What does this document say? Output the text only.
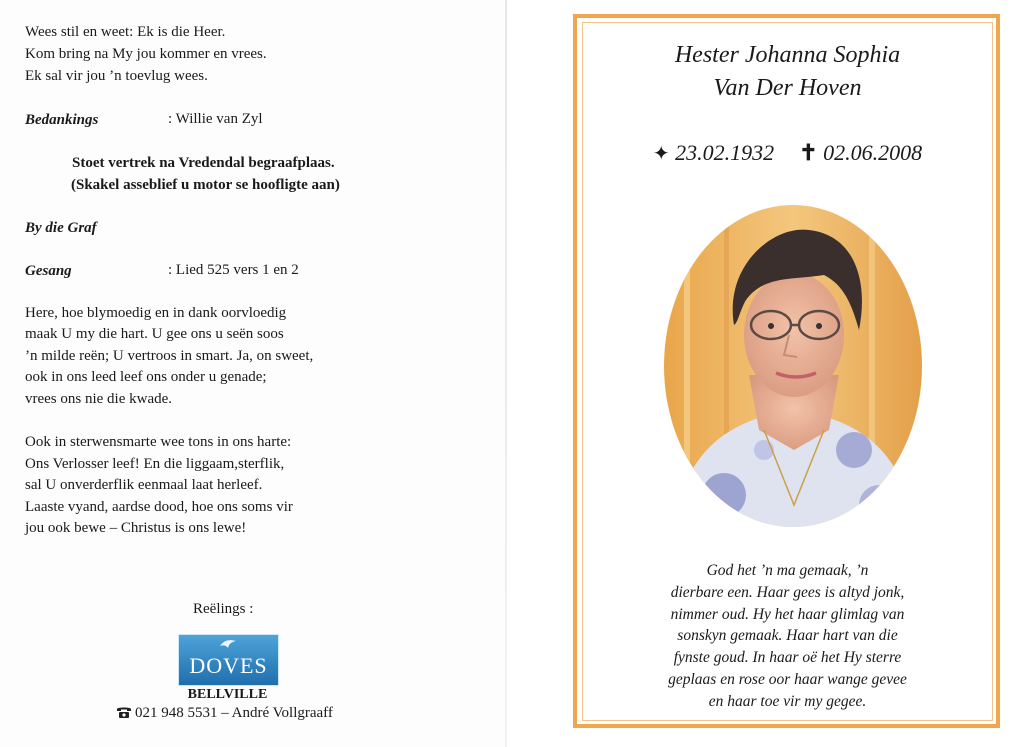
Wees stil en weet: Ek is die Heer.
Kom bring na My jou kommer en vrees.
Ek sal vir jou ’n toevlug wees.
Bedankings	: Willie van Zyl
Stoet vertrek na Vredendal begraafplaas.
(Skakel asseblief u motor se hoofligte aan)
By die Graf
Gesang	: Lied 525 vers 1 en 2
Here, hoe blymoedig en in dank oorvloedig
maak U my die hart. U gee ons u seën soos
’n milde reën; U vertroos in smart. Ja, on sweet,
ook in ons leed leef ons onder u genade;
vrees ons nie die kwade.
Ook in sterwensmarte wee tons in ons harte:
Ons Verlosser leef! En die liggaam,sterflik,
sal U onverderflik eenmaal laat herleef.
Laaste vyand, aardse dood, hoe ons soms vir
jou ook bewe – Christus is ons lewe!
Reëlings :
DOVES
BELLVILLE
021 948 5531 – André Vollgraaff
Hester Johanna Sophia
Van Der Hoven
✦ 23.02.1932 ✝ 02.06.2008
God het ’n ma gemaak, ’n
dierbare een. Haar gees is altyd jonk,
nimmer oud. Hy het haar glimlag van
sonskyn gemaak. Haar hart van die
fynste goud. In haar oë het Hy sterre
geplaas en rose oor haar wange gevee
en haar toe vir my gegee.
